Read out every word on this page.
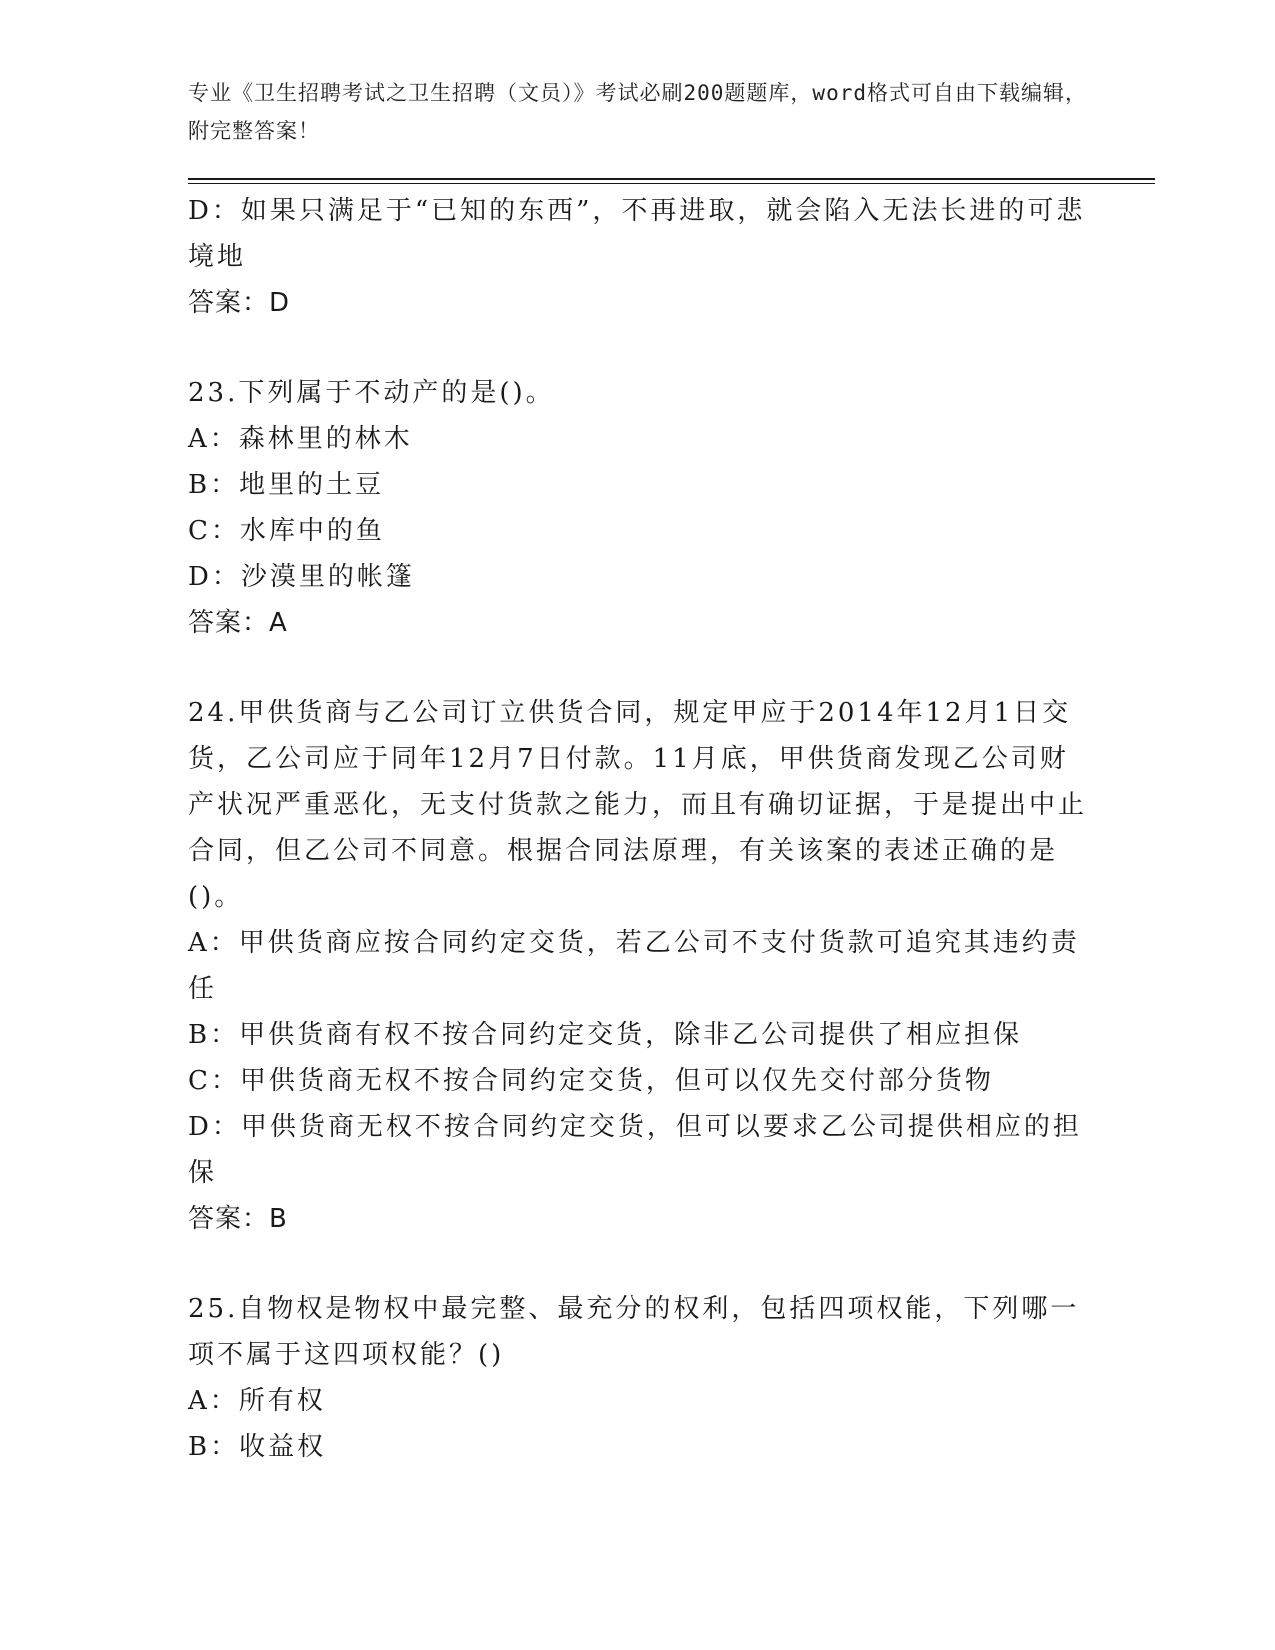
专业《卫生招聘考试之卫生招聘（文员）》考试必刷200题题库，word格式可自由下载编辑，附完整答案！

D：如果只满足于“已知的东西”，不再进取，就会陷入无法长进的可悲境地

答案：D

23.下列属于不动产的是()。

A：森林里的林木

B：地里的土豆

C：水库中的鱼

D：沙漠里的帐篷

答案：A

24.甲供货商与乙公司订立供货合同，规定甲应于2014年12月1日交货，乙公司应于同年12月7日付款。11月底，甲供货商发现乙公司财产状况严重恶化，无支付货款之能力，而且有确切证据，于是提出中止合同，但乙公司不同意。根据合同法原理，有关该案的表述正确的是()。

A：甲供货商应按合同约定交货，若乙公司不支付货款可追究其违约责任

B：甲供货商有权不按合同约定交货，除非乙公司提供了相应担保

C：甲供货商无权不按合同约定交货，但可以仅先交付部分货物

D：甲供货商无权不按合同约定交货，但可以要求乙公司提供相应的担保

答案：B

25.自物权是物权中最完整、最充分的权利，包括四项权能，下列哪一项不属于这四项权能？()

A：所有权

B：收益权
